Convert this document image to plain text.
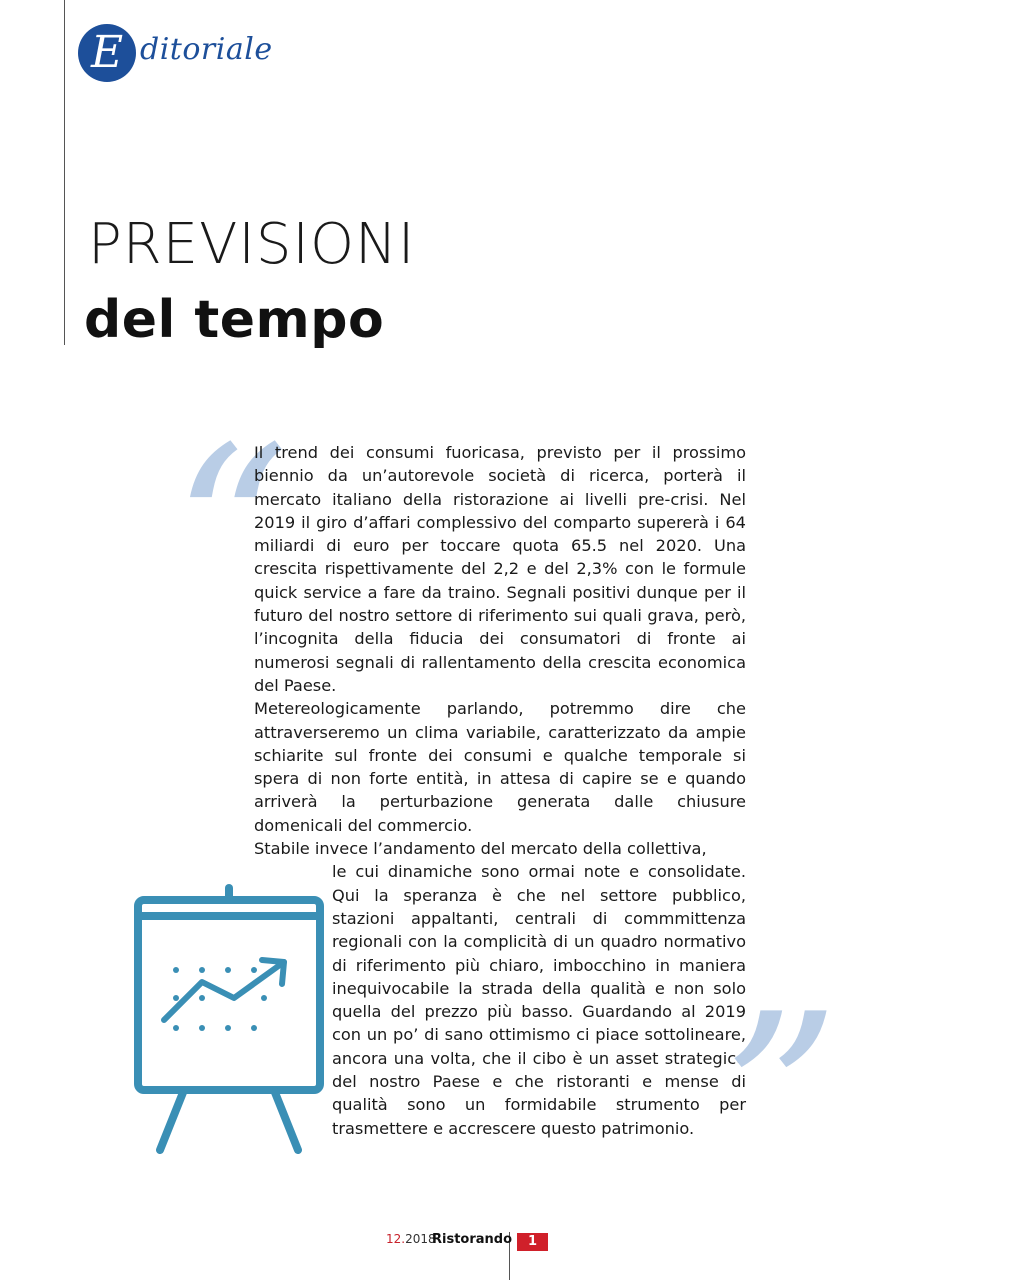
E ditoriale
PREVISIONI
del tempo
“

Il trend dei consumi fuoricasa, previsto per il prossimo biennio da un’autorevole società di ricerca, porterà il mercato italiano della ristorazione ai livelli pre-crisi. Nel 2019 il giro d’affari complessivo del comparto supererà i 64 miliardi di euro per toccare quota 65.5 nel 2020. Una crescita rispettivamente del 2,2 e del 2,3% con le formule quick service a fare da traino. Segnali positivi dunque per il futuro del nostro settore di riferimento sui quali grava, però, l’incognita della fiducia dei consumatori di fronte ai numerosi segnali di rallentamento della crescita economica del Paese.

Metereologicamente parlando, potremmo dire che attraverseremo un clima variabile, caratterizzato da ampie schiarite sul fronte dei consumi e qualche temporale si spera di non forte entità, in attesa di capire se e quando arriverà la perturbazione generata dalle chiusure domenicali del commercio.

Stabile invece l’andamento del mercato della collettiva,

le cui dinamiche sono ormai note e consolidate. Qui la speranza è che nel settore pubblico, stazioni appaltanti, centrali di commmittenza regionali con la complicità di un quadro normativo di riferimento più chiaro, imbocchino in maniera inequivocabile la strada della qualità e non solo quella del prezzo più basso. Guardando al 2019 con un po’ di sano ottimismo ci piace sottolineare, ancora una volta, che il cibo è un asset strategico del nostro Paese e che ristoranti e mense di qualità sono un formidabile strumento per trasmettere e accrescere questo patrimonio. ”
12.2018
Ristorando	1
